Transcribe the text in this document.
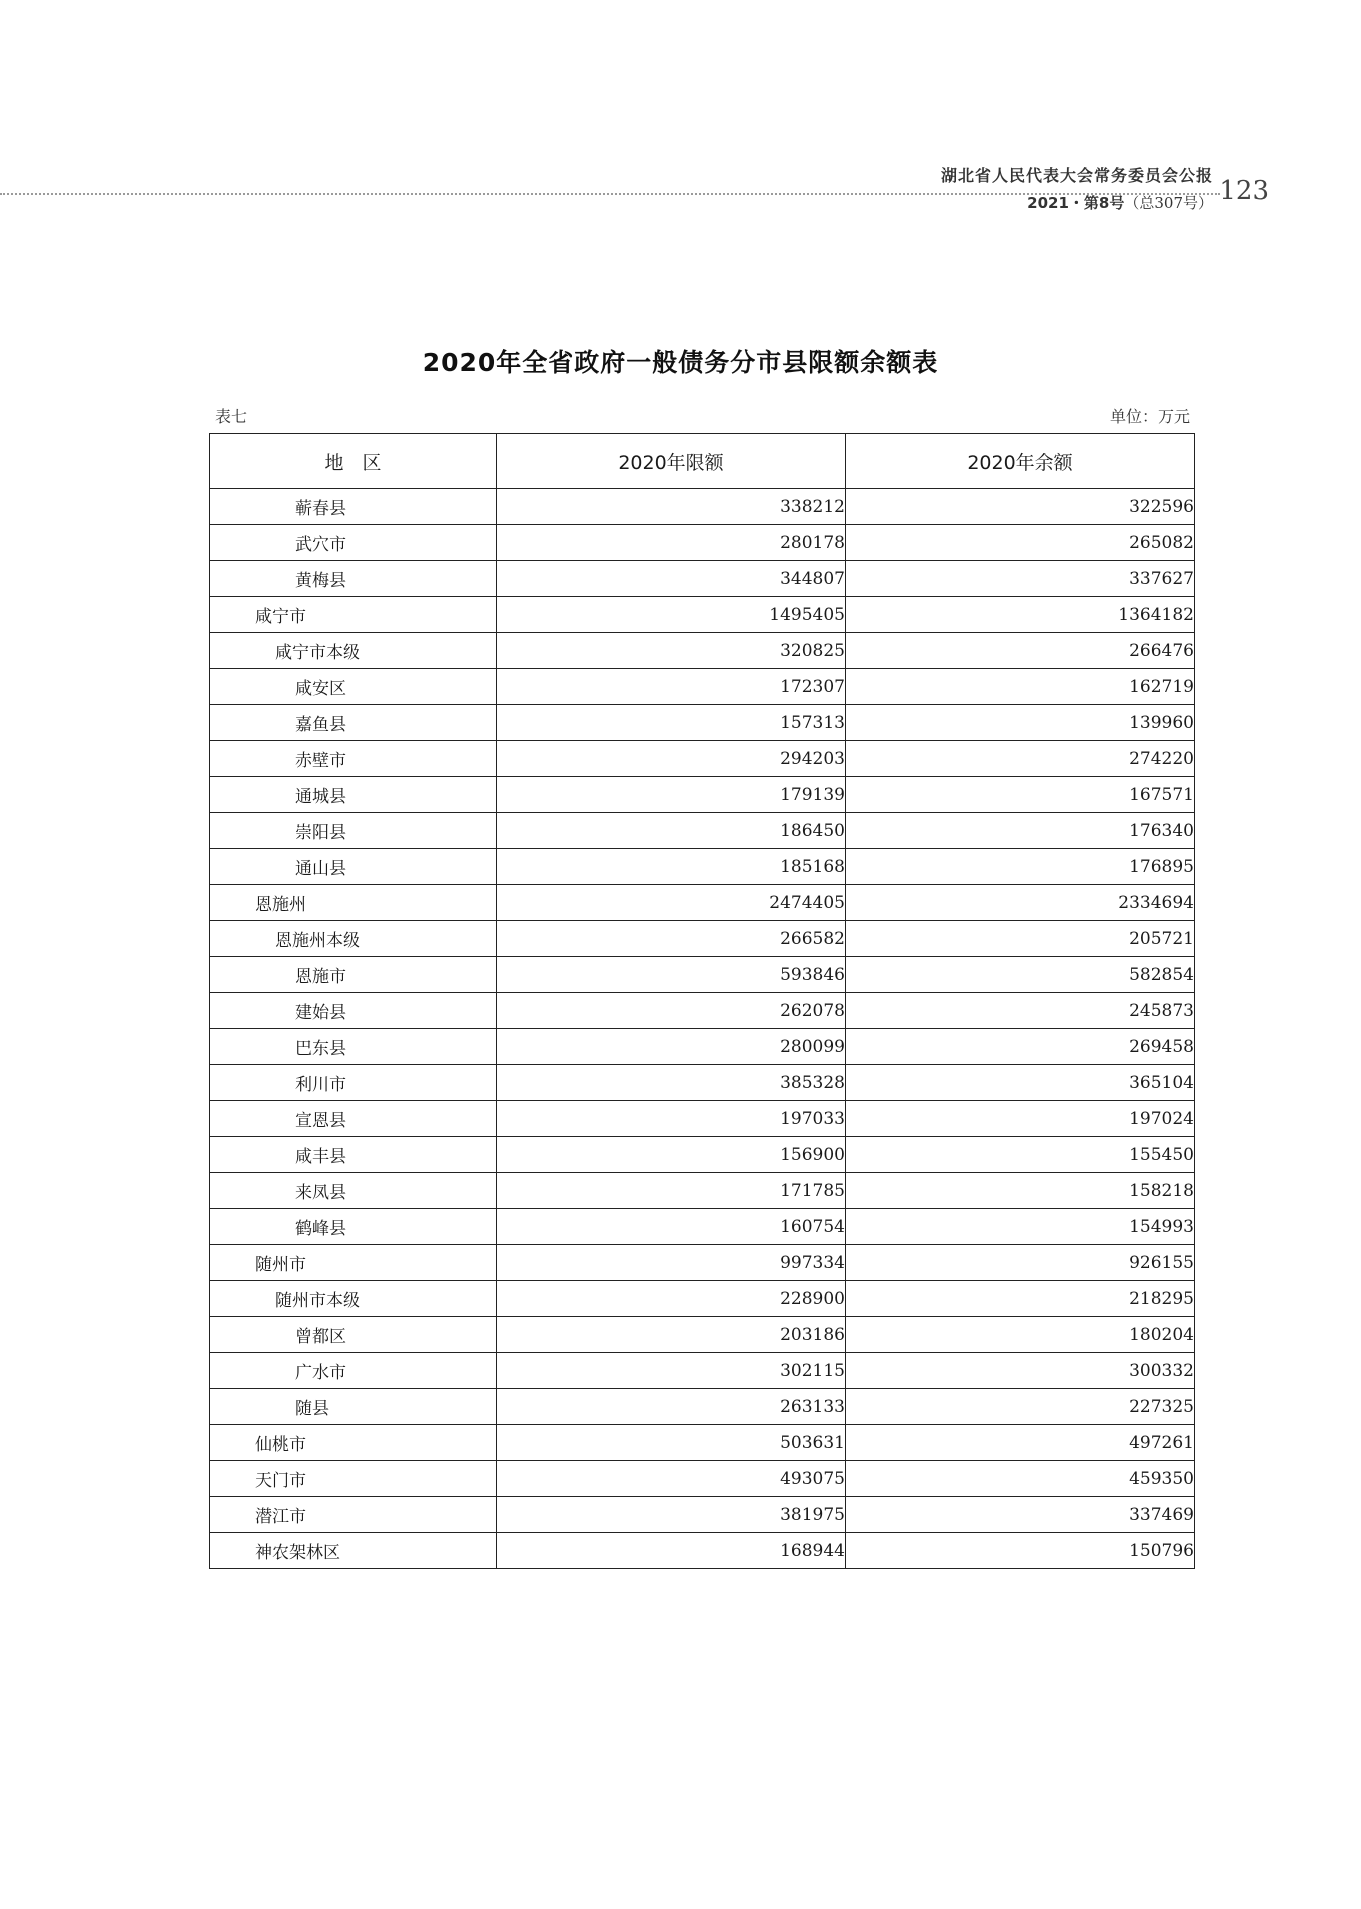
湖北省人民代表大会常务委员会公报
2021・第8号（总307号） 123
2020年全省政府一般债务分市县限额余额表
表七	单位：万元
地　区	2020年限额	2020年余额
蕲春县	338212	322596
武穴市	280178	265082
黄梅县	344807	337627
咸宁市	1495405	1364182
咸宁市本级	320825	266476
咸安区	172307	162719
嘉鱼县	157313	139960
赤壁市	294203	274220
通城县	179139	167571
崇阳县	186450	176340
通山县	185168	176895
恩施州	2474405	2334694
恩施州本级	266582	205721
恩施市	593846	582854
建始县	262078	245873
巴东县	280099	269458
利川市	385328	365104
宣恩县	197033	197024
咸丰县	156900	155450
来凤县	171785	158218
鹤峰县	160754	154993
随州市	997334	926155
随州市本级	228900	218295
曾都区	203186	180204
广水市	302115	300332
随县	263133	227325
仙桃市	503631	497261
天门市	493075	459350
潜江市	381975	337469
神农架林区	168944	150796
